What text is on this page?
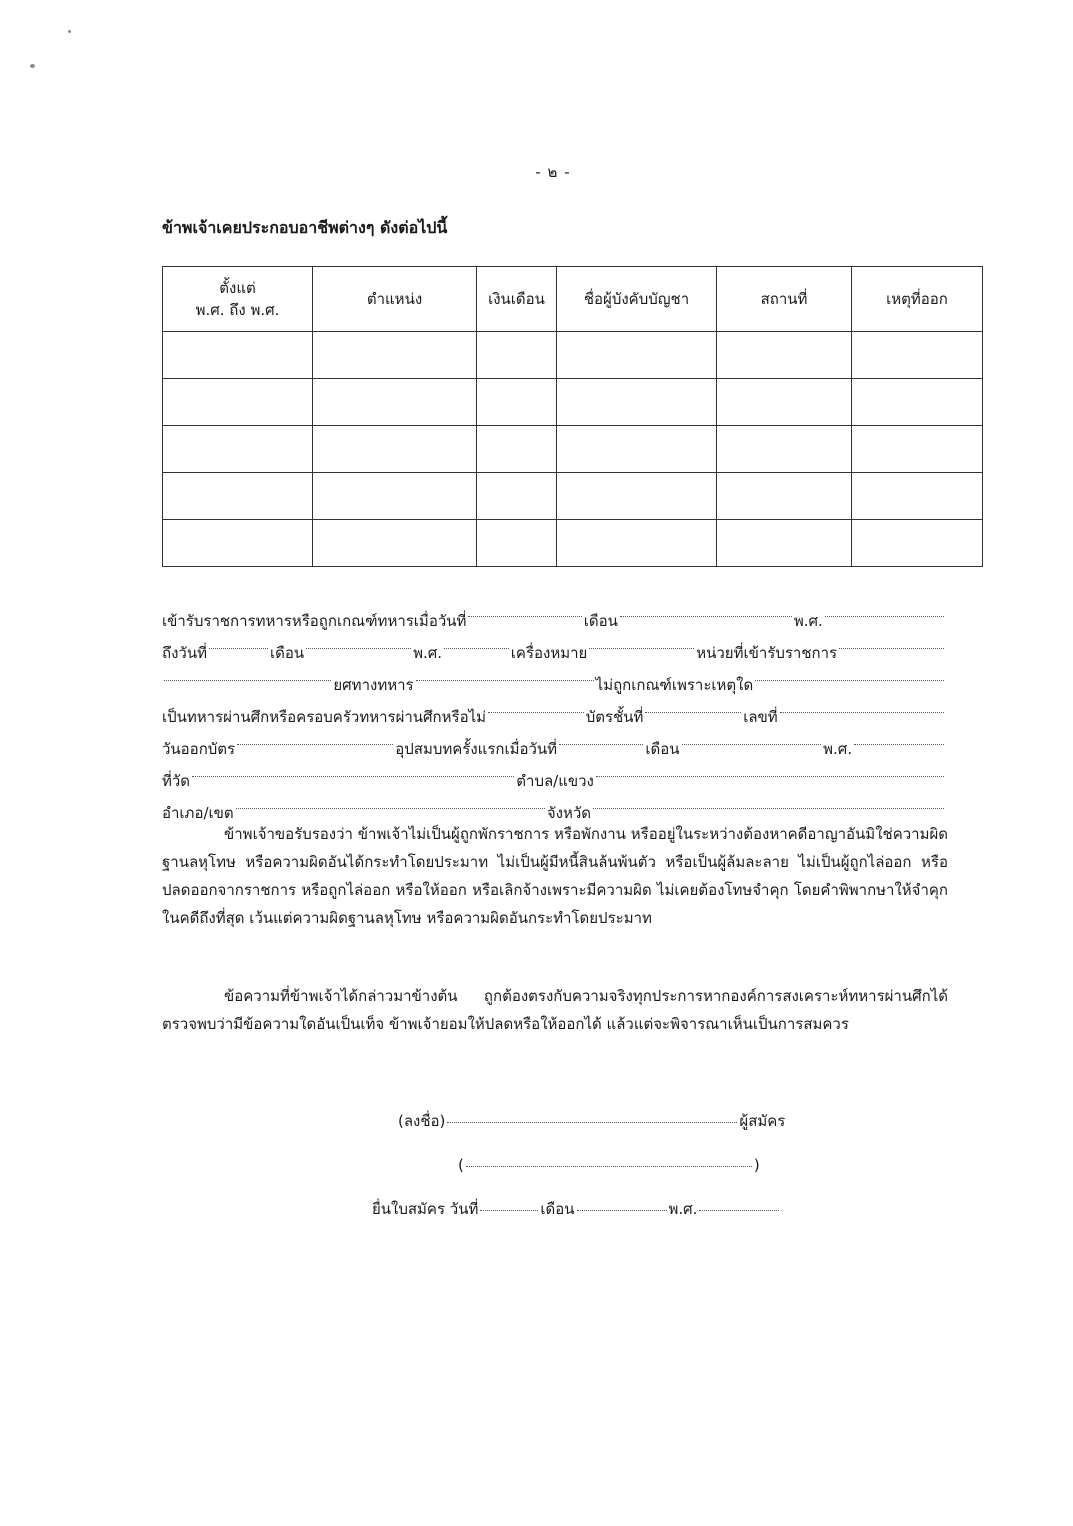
- ๒ -
ข้าพเจ้าเคยประกอบอาชีพต่างๆ ดังต่อไปนี้
ตั้งแต่
พ.ศ. ถึง พ.ศ.	ตำแหน่ง	เงินเดือน	ชื่อผู้บังคับบัญชา	สถานที่	เหตุที่ออก

เข้ารับราชการทหารหรือถูกเกณฑ์ทหารเมื่อวันที่	เดือน	พ.ศ.
ถึงวันที่	เดือน	พ.ศ.	เครื่องหมาย	หน่วยที่เข้ารับราชการ
ยศทางทหาร	ไม่ถูกเกณฑ์เพราะเหตุใด
เป็นทหารผ่านศึกหรือครอบครัวทหารผ่านศึกหรือไม่	บัตรชั้นที่	เลขที่
วันออกบัตร	อุปสมบทครั้งแรกเมื่อวันที่	เดือน	พ.ศ.
ที่วัด	ตำบล/แขวง
อำเภอ/เขต	จังหวัด

ข้าพเจ้าขอรับรองว่า ข้าพเจ้าไม่เป็นผู้ถูกพักราชการ หรือพักงาน หรืออยู่ในระหว่างต้องหาคดีอาญาอันมิใช่ความผิดฐานลหุโทษ หรือความผิดอันได้กระทำโดยประมาท ไม่เป็นผู้มีหนี้สินล้นพ้นตัว หรือเป็นผู้ล้มละลาย ไม่เป็นผู้ถูกไล่ออก หรือปลดออกจากราชการ หรือถูกไล่ออก หรือให้ออก หรือเลิกจ้างเพราะมีความผิด ไม่เคยต้องโทษจำคุก โดยคำพิพากษาให้จำคุกในคดีถึงที่สุด เว้นแต่ความผิดฐานลหุโทษ หรือความผิดอันกระทำโดยประมาท

ข้อความที่ข้าพเจ้าได้กล่าวมาข้างต้น ถูกต้องตรงกับความจริงทุกประการหากองค์การสงเคราะห์ทหารผ่านศึกได้ตรวจพบว่ามีข้อความใดอันเป็นเท็จ ข้าพเจ้ายอมให้ปลดหรือให้ออกได้ แล้วแต่จะพิจารณาเห็นเป็นการสมควร

(ลงชื่อ)	ผู้สมัคร
(	)
ยื่นใบสมัคร วันที่	เดือน	พ.ศ.
